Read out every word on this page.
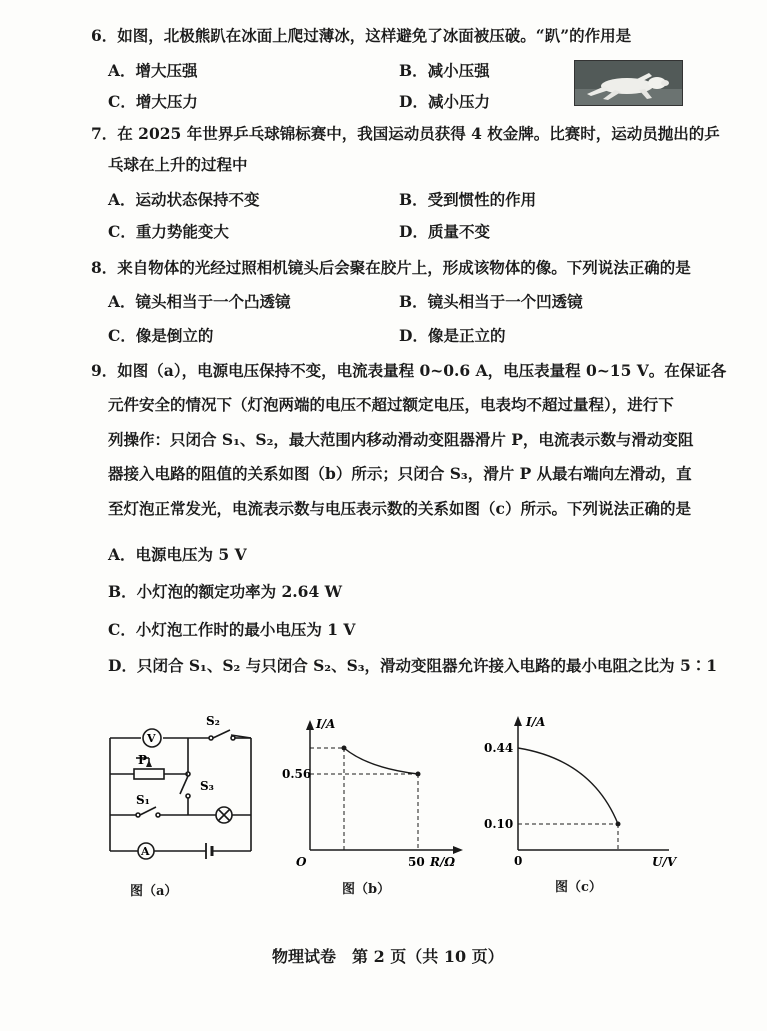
6．如图，北极熊趴在冰面上爬过薄冰，这样避免了冰面被压破。“趴”的作用是
A．增大压强	B．减小压强
C．增大压力	D．减小压力
7．在 2025 年世界乒乓球锦标赛中，我国运动员获得 4 枚金牌。比赛时，运动员抛出的乒
乓球在上升的过程中
A．运动状态保持不变	B．受到惯性的作用
C．重力势能变大	D．质量不变
8．来自物体的光经过照相机镜头后会聚在胶片上，形成该物体的像。下列说法正确的是
A．镜头相当于一个凸透镜	B．镜头相当于一个凹透镜
C．像是倒立的	D．像是正立的
9．如图（a），电源电压保持不变，电流表量程 0~0.6 A，电压表量程 0~15 V。在保证各
元件安全的情况下（灯泡两端的电压不超过额定电压，电表均不超过量程），进行下
列操作：只闭合 S₁、S₂，最大范围内移动滑动变阻器滑片 P，电流表示数与滑动变阻
器接入电路的阻值的关系如图（b）所示；只闭合 S₃，滑片 P 从最右端向左滑动，直
至灯泡正常发光，电流表示数与电压表示数的关系如图（c）所示。下列说法正确的是
A．电源电压为 5 V
B．小灯泡的额定功率为 2.64 W
C．小灯泡工作时的最小电压为 1 V
D．只闭合 S₁、S₂ 与只闭合 S₂、S₃，滑动变阻器允许接入电路的最小电阻之比为 5∶1
V
A
S₂
S₃
S₁
P
图（a）
I/A
0.56
O	50 R/Ω
图（b）
I/A
0.44
0.10
0	U/V
图（c）
物理试卷　第 2 页（共 10 页）
